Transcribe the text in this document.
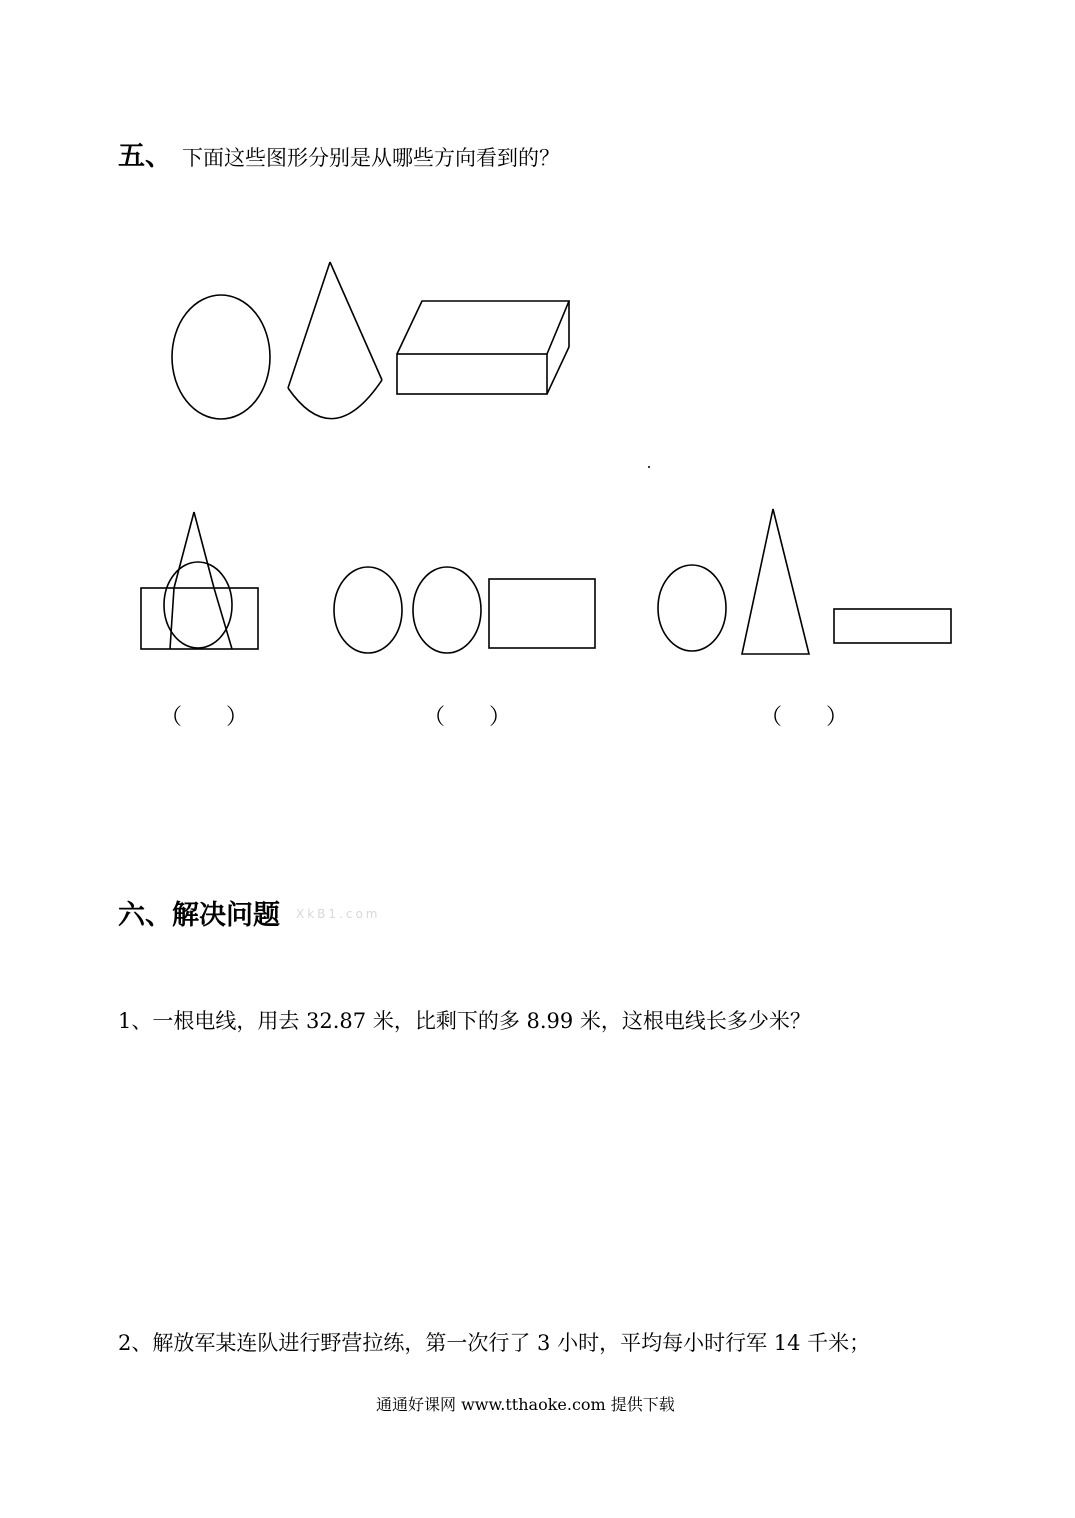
五、 下面这些图形分别是从哪些方向看到的？
（　　）	（　　）	（　　）
六、解决问题 XkB1.com
1、一根电线，用去 32.87 米，比剩下的多 8.99 米，这根电线长多少米？
2、解放军某连队进行野营拉练，第一次行了 3 小时，平均每小时行军 14 千米；
通通好课网 www.tthaoke.com 提供下载
